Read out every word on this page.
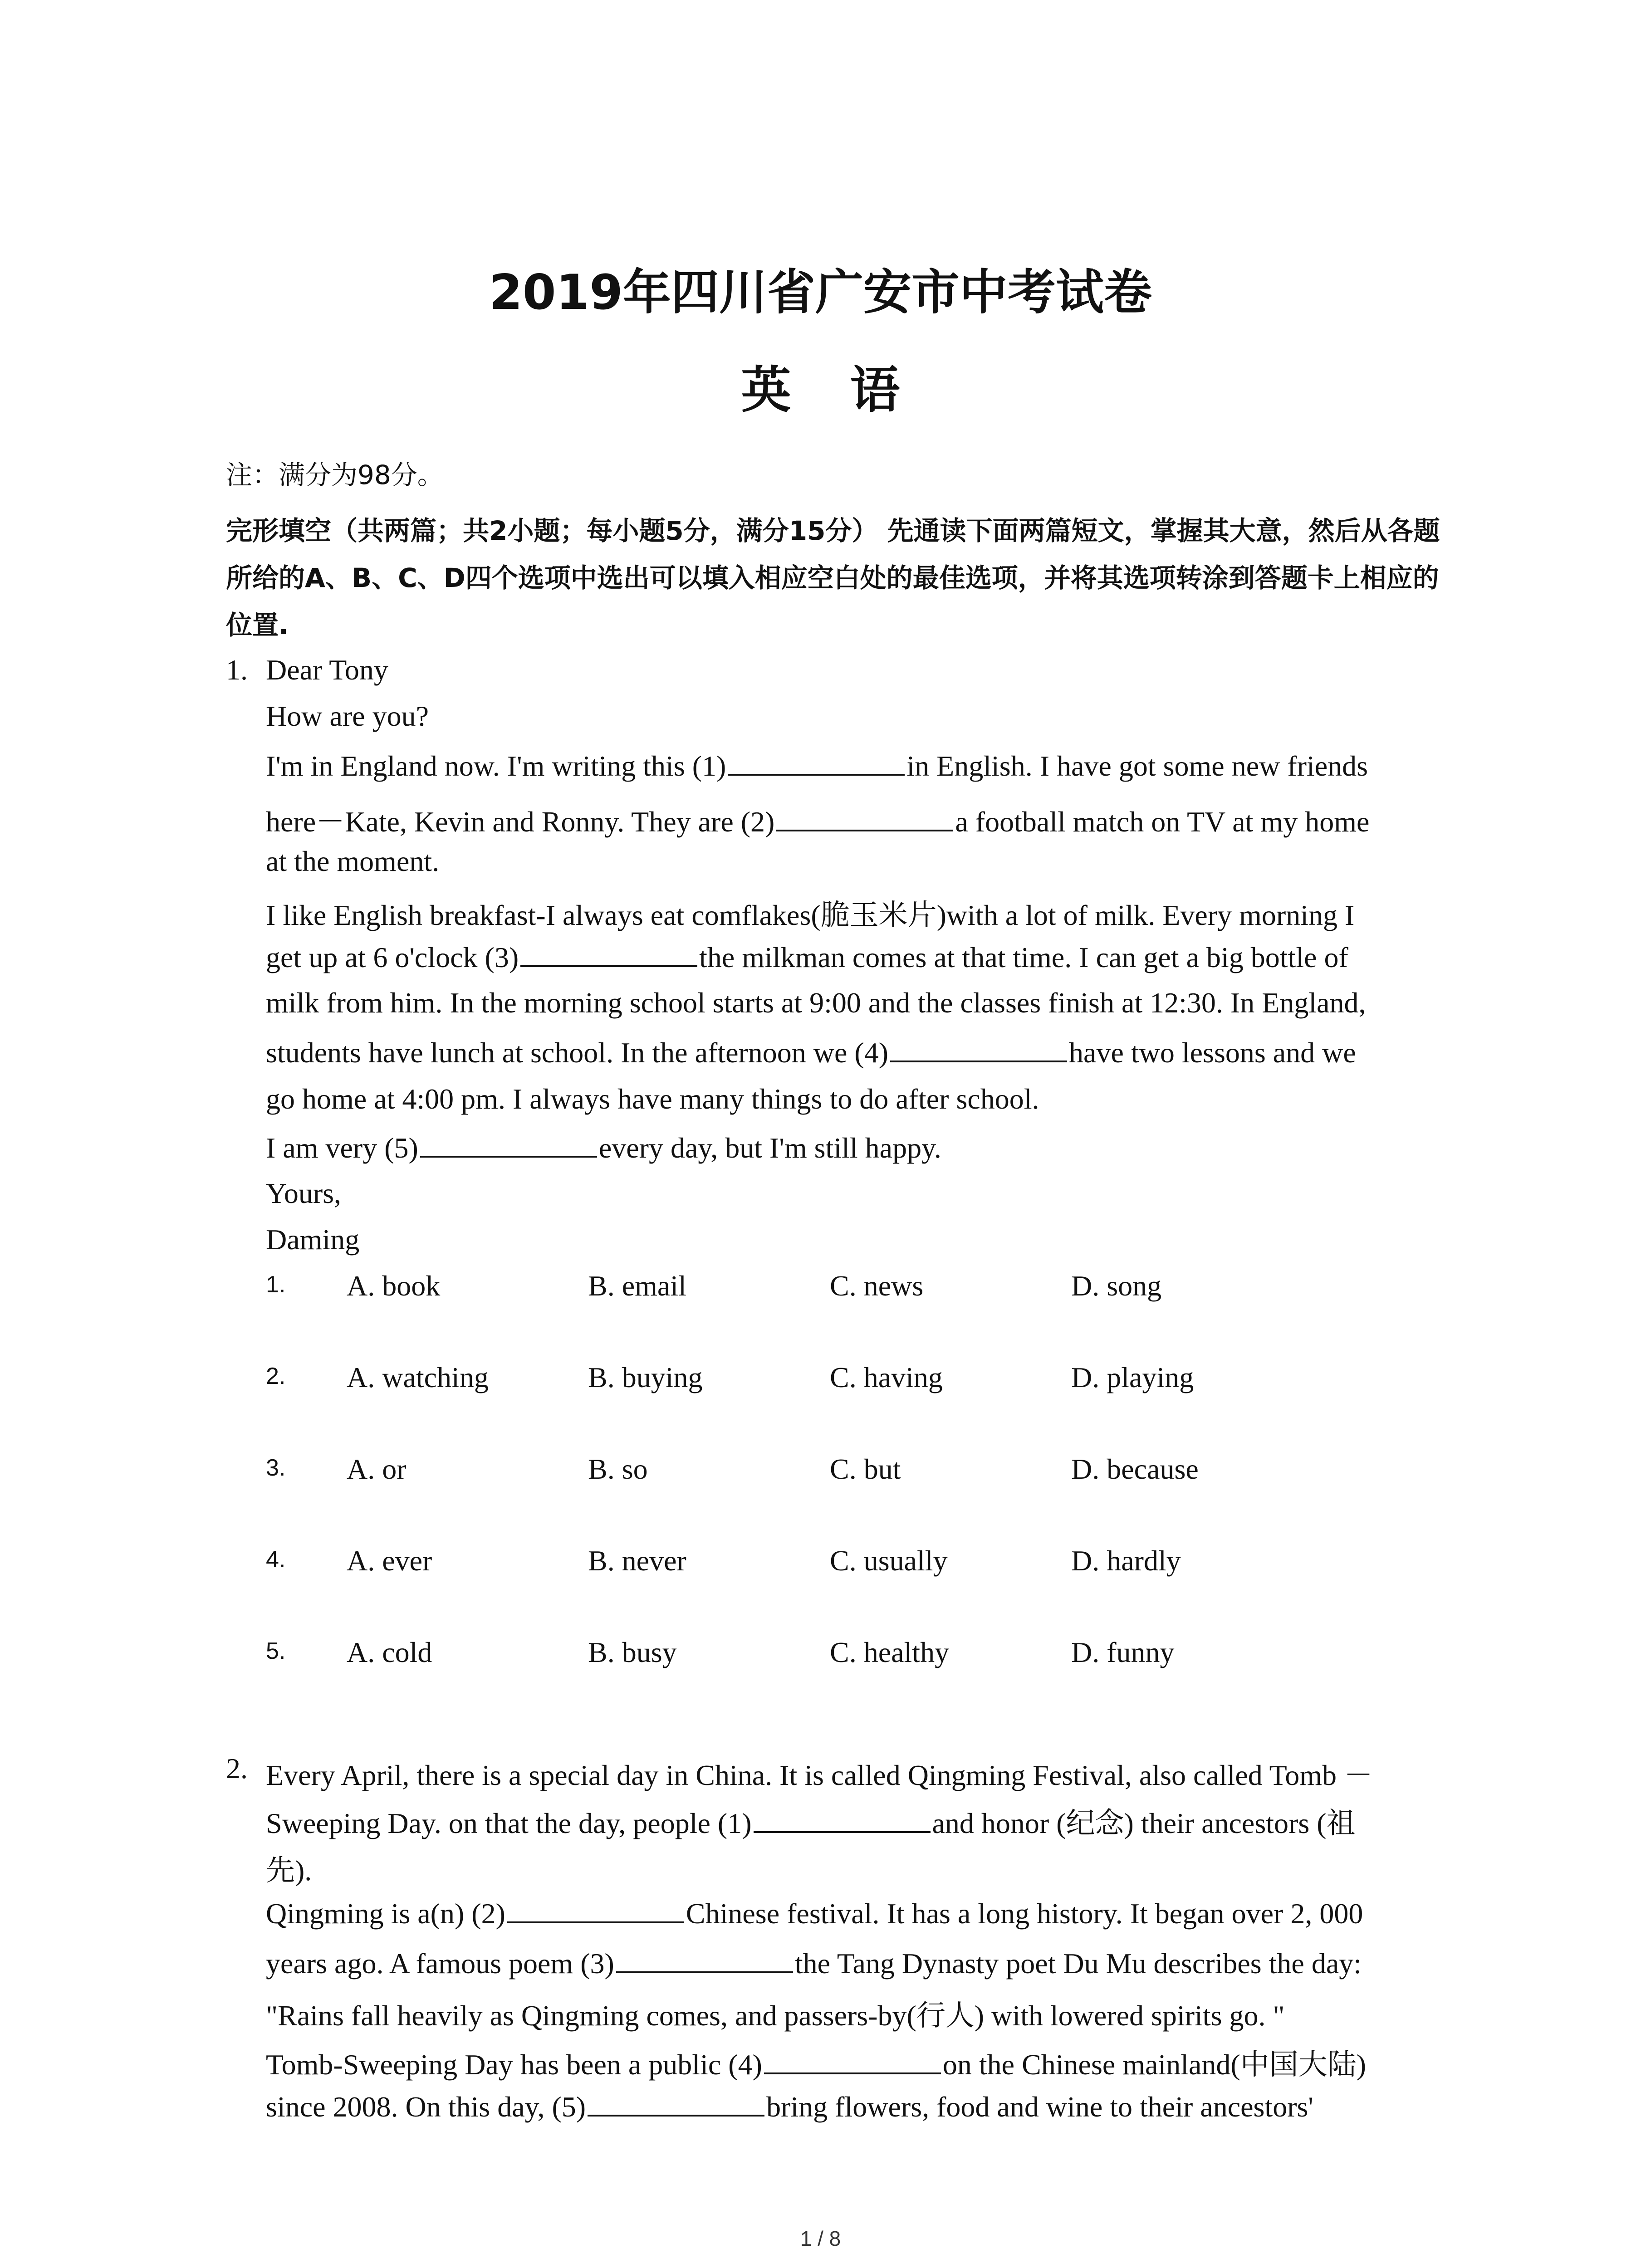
2019年四川省广安市中考试卷
英语
注：满分为98分。
完形填空（共两篇；共2小题；每小题5分，满分15分） 先通读下面两篇短文，掌握其大意，然后从各题所给的A、B、C、D四个选项中选出可以填入相应空白处的最佳选项，并将其选项转涂到答题卡上相应的位置.
1. Dear Tony
How are you?
I'm in England now. I'm writing this (1)	in English. I have got some new friends
here－Kate, Kevin and Ronny. They are (2)	a football match on TV at my home
at the moment.
I like English breakfast-I always eat comflakes(脆玉米片)with a lot of milk. Every morning I
get up at 6 o'clock (3)	the milkman comes at that time. I can get a big bottle of
milk from him. In the morning school starts at 9:00 and the classes finish at 12:30. In England,
students have lunch at school. In the afternoon we (4)	have two lessons and we
go home at 4:00 pm. I always have many things to do after school.
I am very (5)	every day, but I'm still happy.
Yours,
Daming
1. A. book	B. email	C. news	D. song
2. A. watching	B. buying	C. having	D. playing
3. A. or	B. so	C. but	D. because
4. A. ever	B. never	C. usually	D. hardly
5. A. cold	B. busy	C. healthy	D. funny
2. Every April, there is a special day in China. It is called Qingming Festival, also called Tomb －
Sweeping Day. on that the day, people (1)	and honor (纪念) their ancestors (祖
先).
Qingming is a(n) (2)	Chinese festival. It has a long history. It began over 2, 000
years ago. A famous poem (3)	the Tang Dynasty poet Du Mu describes the day:
"Rains fall heavily as Qingming comes, and passers-by(行人) with lowered spirits go. "
Tomb-Sweeping Day has been a public (4)	on the Chinese mainland(中国大陆)
since 2008. On this day, (5)	bring flowers, food and wine to their ancestors'
1 / 8
